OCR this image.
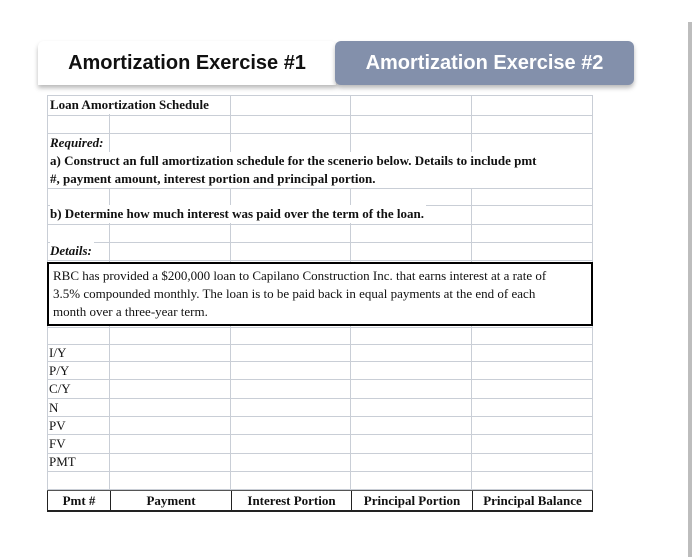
Amortization Exercise #1	Amortization Exercise #2
Loan Amortization Schedule
Required:
a) Construct an full amortization schedule for the scenerio below. Details to include pmt
#, payment amount, interest portion and principal portion.
b) Determine how much interest was paid over the term of the loan.
Details:
RBC has provided a $200,000 loan to Capilano Construction Inc. that earns interest at a rate of
3.5% compounded monthly. The loan is to be paid back in equal payments at the end of each
month over a three-year term.
I/Y
P/Y
C/Y
N
PV
FV
PMT
Pmt #	Payment	Interest Portion	Principal Portion	Principal Balance
